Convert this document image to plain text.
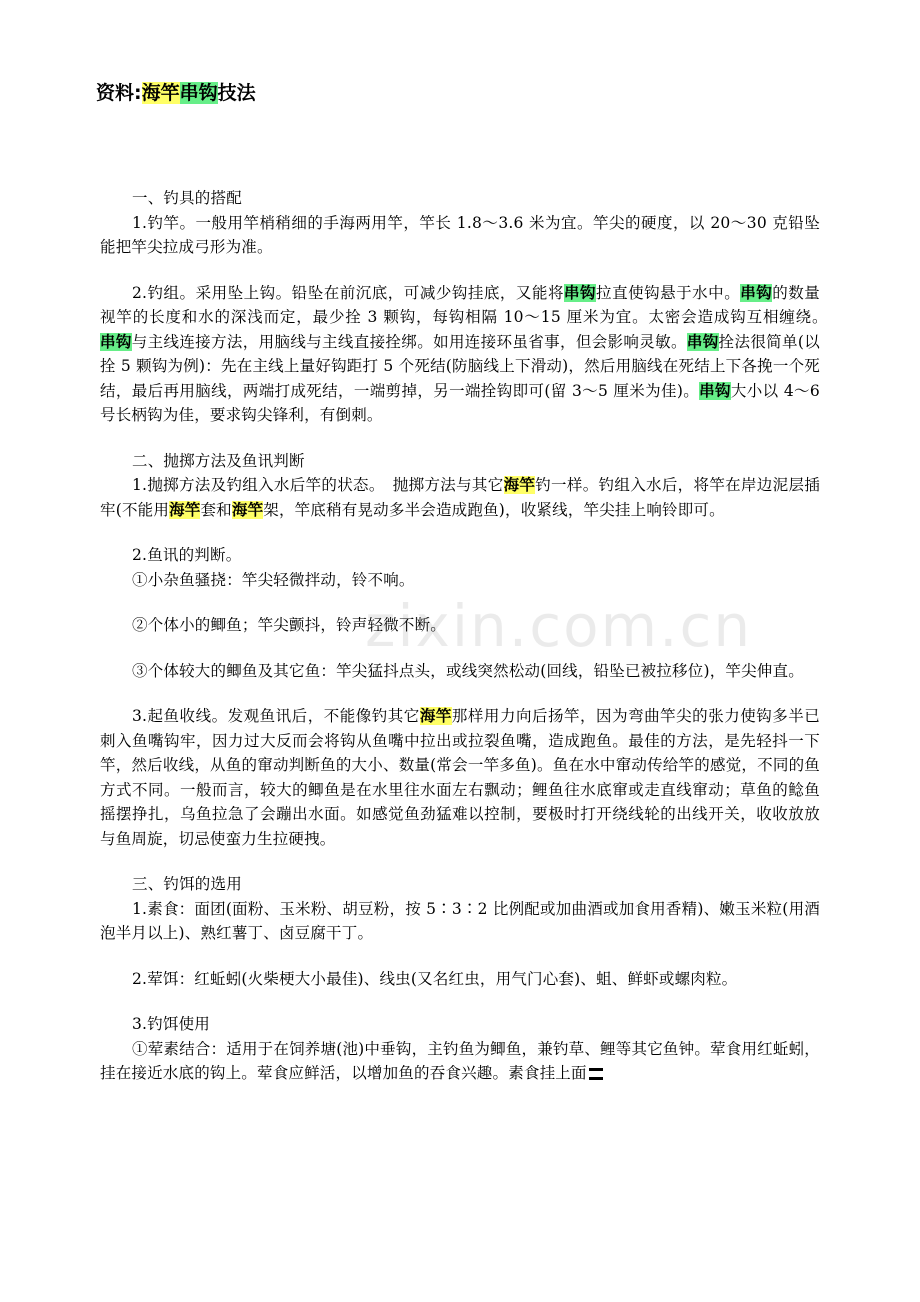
资料:海竿串钩技法
zixin.com.cn

一、钓具的搭配

1.钓竿。一般用竿梢稍细的手海两用竿，竿长 1.8～3.6 米为宜。竿尖的硬度，以 20～30 克铅坠能把竿尖拉成弓形为准。

2.钓组。采用坠上钩。铅坠在前沉底，可减少钩挂底，又能将串钩拉直使钩悬于水中。串钩的数量视竿的长度和水的深浅而定，最少拴 3 颗钩，每钩相隔 10～15 厘米为宜。太密会造成钩互相缠绕。　串钩与主线连接方法，用脑线与主线直接拴绑。如用连接环虽省事，但会影响灵敏。串钩拴法很简单(以拴 5 颗钩为例)：先在主线上量好钩距打 5 个死结(防脑线上下滑动)，然后用脑线在死结上下各挽一个死结，最后再用脑线，两端打成死结，一端剪掉，另一端拴钩即可(留 3～5 厘米为佳)。串钩大小以 4～6 号长柄钩为佳，要求钩尖锋利，有倒刺。

二、抛掷方法及鱼讯判断

1.抛掷方法及钓组入水后竿的状态。　抛掷方法与其它海竿钓一样。钓组入水后，将竿在岸边泥层插牢(不能用海竿套和海竿架，竿底稍有晃动多半会造成跑鱼)，收紧线，竿尖挂上响铃即可。

2.鱼讯的判断。

①小杂鱼骚挠：竿尖轻微拌动，铃不响。

②个体小的鲫鱼；竿尖颤抖，铃声轻微不断。

③个体较大的鲫鱼及其它鱼：竿尖猛抖点头，或线突然松动(回线，铅坠已被拉移位)，竿尖伸直。

3.起鱼收线。发观鱼讯后，不能像钓其它海竿那样用力向后扬竿，因为弯曲竿尖的张力使钩多半已刺入鱼嘴钩牢，因力过大反而会将钩从鱼嘴中拉出或拉裂鱼嘴，造成跑鱼。最佳的方法，是先轻抖一下竿，然后收线，从鱼的窜动判断鱼的大小、数量(常会一竿多鱼)。鱼在水中窜动传给竿的感觉，不同的鱼方式不同。一般而言，较大的鲫鱼是在水里往水面左右飘动；鲤鱼往水底窜或走直线窜动；草鱼的鲶鱼摇摆挣扎，乌鱼拉急了会蹦出水面。如感觉鱼劲猛难以控制，要极时打开绕线轮的出线开关，收收放放与鱼周旋，切忌使蛮力生拉硬拽。

三、钓饵的选用

1.素食：面团(面粉、玉米粉、胡豆粉，按 5∶3∶2 比例配或加曲酒或加食用香精)、嫩玉米粒(用酒泡半月以上)、熟红薯丁、卤豆腐干丁。

2.荤饵：红蚯蚓(火柴梗大小最佳)、线虫(又名红虫，用气门心套)、蛆、鲜虾或螺肉粒。

3.钓饵使用

①荤素结合：适用于在饲养塘(池)中垂钩，主钓鱼为鲫鱼，兼钓草、鲤等其它鱼钟。荤食用红蚯蚓，挂在接近水底的钩上。荤食应鲜活，以增加鱼的吞食兴趣。素食挂上面
